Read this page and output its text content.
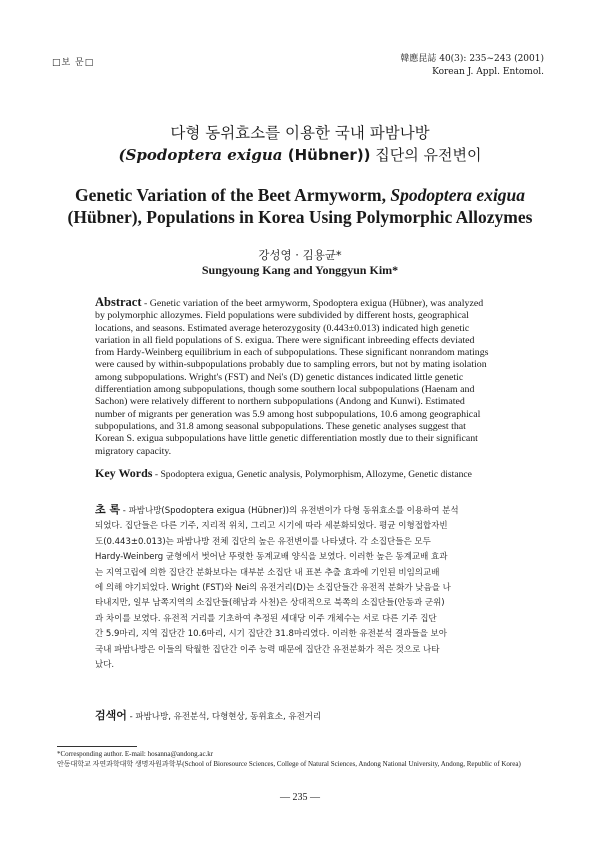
□보 문□	韓應昆誌 40(3): 235~243 (2001)
Korean J. Appl. Entomol.
다형 동위효소를 이용한 국내 파밤나방
(Spodoptera exigua (Hübner)) 집단의 유전변이
Genetic Variation of the Beet Armyworm, Spodoptera exigua
(Hübner), Populations in Korea Using Polymorphic Allozymes
강성영 · 김용균*
Sungyoung Kang and Yonggyun Kim*
Abstract - Genetic variation of the beet armyworm, Spodoptera exigua (Hübner), was analyzed
by polymorphic allozymes. Field populations were subdivided by different hosts, geographical
locations, and seasons. Estimated average heterozygosity (0.443±0.013) indicated high genetic
variation in all field populations of S. exigua. There were significant inbreeding effects deviated
from Hardy-Weinberg equilibrium in each of subpopulations. These significant nonrandom matings
were caused by within-subpopulations probably due to sampling errors, but not by mating isolation
among subpopulations. Wright's (FST) and Nei's (D) genetic distances indicated little genetic
differentiation among subpopulations, though some southern local subpopulations (Haenam and
Sachon) were relatively different to northern subpopulations (Andong and Kunwi). Estimated
number of migrants per generation was 5.9 among host subpopulations, 10.6 among geographical
subpopulations, and 31.8 among seasonal subpopulations. These genetic analyses suggest that
Korean S. exigua subpopulations have little genetic differentiation mostly due to their significant
migratory capacity.
Key Words - Spodoptera exigua, Genetic analysis, Polymorphism, Allozyme, Genetic distance
초 록 - 파밤나방(Spodoptera exigua (Hübner))의 유전변이가 다형 동위효소를 이용하여 분석
되었다. 집단들은 다른 기주, 지리적 위치, 그리고 시기에 따라 세분화되었다. 평균 이형접합자빈
도(0.443±0.013)는 파밤나방 전체 집단의 높은 유전변이를 나타냈다. 각 소집단들은 모두
Hardy-Weinberg 균형에서 벗어난 뚜렷한 동계교배 양식을 보였다. 이러한 높은 동계교배 효과
는 지역고립에 의한 집단간 분화보다는 대부분 소집단 내 표본 추출 효과에 기인된 비임의교배
에 의해 야기되었다. Wright (FST)와 Nei의 유전거리(D)는 소집단들간 유전적 분화가 낮음을 나
타내지만, 일부 남쪽지역의 소집단들(해남과 사천)은 상대적으로 북쪽의 소집단들(안동과 군위)
과 차이를 보였다. 유전적 거리를 기초하여 추정된 세대당 이주 개체수는 서로 다른 기주 집단
간 5.9마리, 지역 집단간 10.6마리, 시기 집단간 31.8마리였다. 이러한 유전분석 결과들을 보아
국내 파밤나방은 이들의 탁월한 집단간 이주 능력 때문에 집단간 유전분화가 적은 것으로 나타
났다.
검색어 - 파밤나방, 유전분석, 다형현상, 동위효소, 유전거리
*Corresponding author. E-mail: hosanna@andong.ac.kr
안동대학교 자연과학대학 생명자원과학부(School of Bioresource Sciences, College of Natural Sciences, Andong National University, Andong, Republic of Korea)
— 235 —
